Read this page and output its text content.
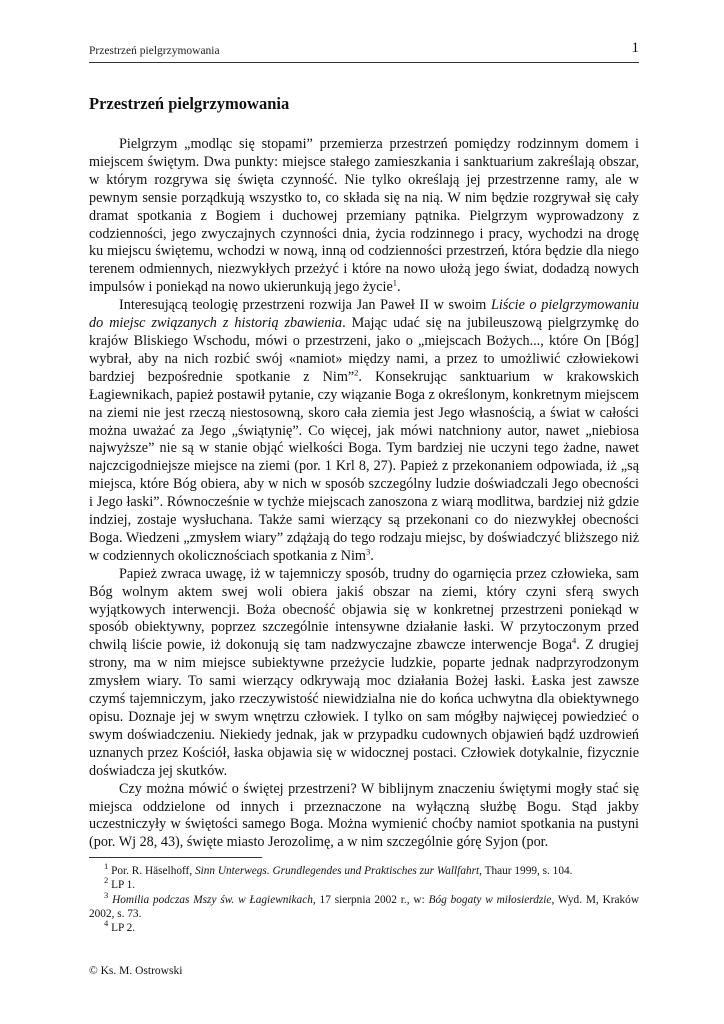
Przestrzeń pielgrzymowania	1
Przestrzeń pielgrzymowania

Pielgrzym „modląc się stopami” przemierza przestrzeń pomiędzy rodzinnym domem i miejscem świętym. Dwa punkty: miejsce stałego zamieszkania i sanktuarium zakreślają obszar, w którym rozgrywa się święta czynność. Nie tylko określają jej przestrzenne ramy, ale w pewnym sensie porządkują wszystko to, co składa się na nią. W nim będzie rozgrywał się cały dramat spotkania z Bogiem i duchowej przemiany pątnika. Pielgrzym wyprowadzony z codzienności, jego zwyczajnych czynności dnia, życia rodzinnego i pracy, wychodzi na drogę ku miejscu świętemu, wchodzi w nową, inną od codzienności przestrzeń, która będzie dla niego terenem odmiennych, niezwykłych przeżyć i które na nowo ułożą jego świat, dodadzą nowych impulsów i poniekąd na nowo ukierunkują jego życie$^1$.

Interesującą teologię przestrzeni rozwija Jan Paweł II w swoim Liście o pielgrzymowaniu do miejsc związanych z historią zbawienia. Mając udać się na jubileuszową pielgrzymkę do krajów Bliskiego Wschodu, mówi o przestrzeni, jako o „miejscach Bożych..., które On [Bóg] wybrał, aby na nich rozbić swój «namiot» między nami, a przez to umożliwić człowiekowi bardziej bezpośrednie spotkanie z Nim”$^2$. Konsekrując sanktuarium w krakowskich Łagiewnikach, papież postawił pytanie, czy wiązanie Boga z określonym, konkretnym miejscem na ziemi nie jest rzeczą niestosowną, skoro cała ziemia jest Jego własnością, a świat w całości można uważać za Jego „świątynię”. Co więcej, jak mówi natchniony autor, nawet „niebiosa najwyższe” nie są w stanie objąć wielkości Boga. Tym bardziej nie uczyni tego żadne, nawet najczcigodniejsze miejsce na ziemi (por. 1 Krl 8, 27). Papież z przekonaniem odpowiada, iż „są miejsca, które Bóg obiera, aby w nich w sposób szczególny ludzie doświadczali Jego obecności i Jego łaski”. Równocześnie w tychże miejscach zanoszona z wiarą modlitwa, bardziej niż gdzie indziej, zostaje wysłuchana. Także sami wierzący są przekonani co do niezwykłej obecności Boga. Wiedzeni „zmysłem wiary” zdążają do tego rodzaju miejsc, by doświadczyć bliższego niż w codziennych okolicznościach spotkania z Nim$^3$.

Papież zwraca uwagę, iż w tajemniczy sposób, trudny do ogarnięcia przez człowieka, sam Bóg wolnym aktem swej woli obiera jakiś obszar na ziemi, który czyni sferą swych wyjątkowych interwencji. Boża obecność objawia się w konkretnej przestrzeni poniekąd w sposób obiektywny, poprzez szczególnie intensywne działanie łaski. W przytoczonym przed chwilą liście powie, iż dokonują się tam nadzwyczajne zbawcze interwencje Boga$^4$. Z drugiej strony, ma w nim miejsce subiektywne przeżycie ludzkie, poparte jednak nadprzyrodzonym zmysłem wiary. To sami wierzący odkrywają moc działania Bożej łaski. Łaska jest zawsze czymś tajemniczym, jako rzeczywistość niewidzialna nie do końca uchwytna dla obiektywnego opisu. Doznaje jej w swym wnętrzu człowiek. I tylko on sam mógłby najwięcej powiedzieć o swym doświadczeniu. Niekiedy jednak, jak w przypadku cudownych objawień bądź uzdrowień uznanych przez Kościół, łaska objawia się w widocznej postaci. Człowiek dotykalnie, fizycznie doświadcza jej skutków.

Czy można mówić o świętej przestrzeni? W biblijnym znaczeniu świętymi mogły stać się miejsca oddzielone od innych i przeznaczone na wyłączną służbę Bogu. Stąd jakby uczestniczyły w świętości samego Boga. Można wymienić choćby namiot spotkania na pustyni (por. Wj 28, 43), święte miasto Jerozolimę, a w nim szczególnie górę Syjon (por.

$^1$ Por. R. Häselhoff, Sinn Unterwegs. Grundlegendes und Praktisches zur Wallfahrt, Thaur 1999, s. 104.

$^2$ LP 1.

$^3$ Homilia podczas Mszy św. w Łagiewnikach, 17 sierpnia 2002 r., w: Bóg bogaty w miłosierdzie, Wyd. M, Kraków 2002, s. 73.

$^4$ LP 2.

© Ks. M. Ostrowski
